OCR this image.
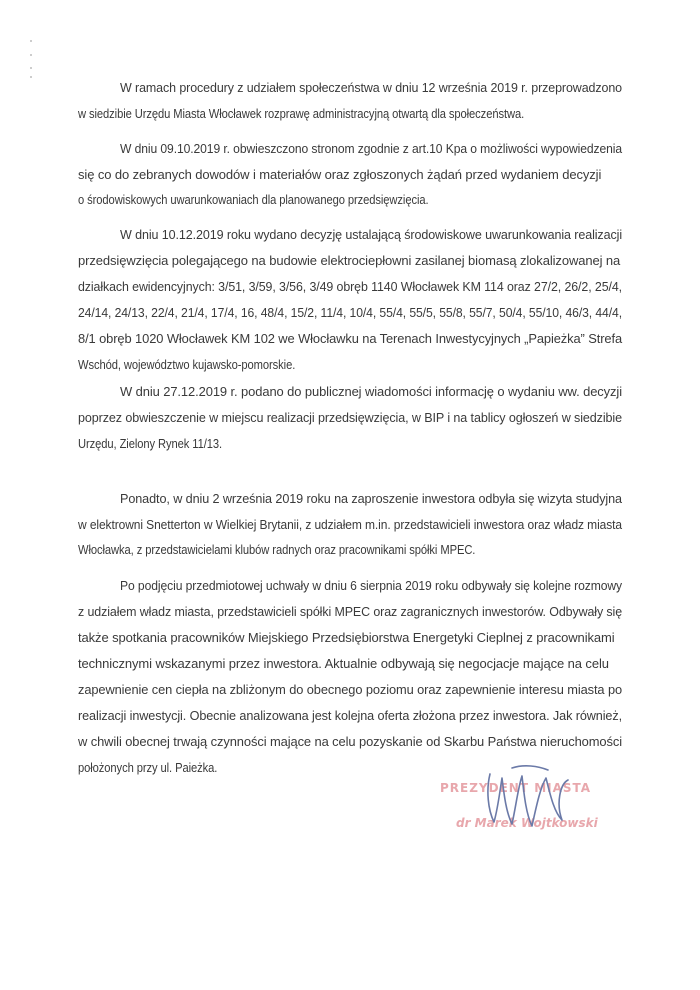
W ramach procedury z udziałem społeczeństwa w dniu 12 września 2019 r. przeprowadzono
w siedzibie Urzędu Miasta Włocławek rozprawę administracyjną otwartą dla społeczeństwa.
W dniu 09.10.2019 r. obwieszczono stronom zgodnie z art.10 Kpa o możliwości wypowiedzenia
się co do zebranych dowodów i materiałów oraz zgłoszonych żądań przed wydaniem decyzji
o środowiskowych uwarunkowaniach dla planowanego przedsięwzięcia.
W dniu 10.12.2019 roku wydano decyzję ustalającą środowiskowe uwarunkowania realizacji
przedsięwzięcia polegającego na budowie elektrociepłowni zasilanej biomasą zlokalizowanej na
działkach ewidencyjnych: 3/51, 3/59, 3/56, 3/49 obręb 1140 Włocławek KM 114 oraz 27/2, 26/2, 25/4,
24/14, 24/13, 22/4, 21/4, 17/4, 16, 48/4, 15/2, 11/4, 10/4, 55/4, 55/5, 55/8, 55/7, 50/4, 55/10, 46/3, 44/4,
8/1 obręb 1020 Włocławek KM 102 we Włocławku na Terenach Inwestycyjnych „Papieżka” Strefa
Wschód, województwo kujawsko-pomorskie.
W dniu 27.12.2019 r. podano do publicznej wiadomości informację o wydaniu ww. decyzji
poprzez obwieszczenie w miejscu realizacji przedsięwzięcia, w BIP i na tablicy ogłoszeń w siedzibie
Urzędu, Zielony Rynek 11/13.
Ponadto, w dniu 2 września 2019 roku na zaproszenie inwestora odbyła się wizyta studyjna
w elektrowni Snetterton w Wielkiej Brytanii, z udziałem m.in. przedstawicieli inwestora oraz władz miasta
Włocławka, z przedstawicielami klubów radnych oraz pracownikami spółki MPEC.
Po podjęciu przedmiotowej uchwały w dniu 6 sierpnia 2019 roku odbywały się kolejne rozmowy
z udziałem władz miasta, przedstawicieli spółki MPEC oraz zagranicznych inwestorów. Odbywały się
także spotkania pracowników Miejskiego Przedsiębiorstwa Energetyki Cieplnej z pracownikami
technicznymi wskazanymi przez inwestora. Aktualnie odbywają się negocjacje mające na celu
zapewnienie cen ciepła na zbliżonym do obecnego poziomu oraz zapewnienie interesu miasta po
realizacji inwestycji. Obecnie analizowana jest kolejna oferta złożona przez inwestora. Jak również,
w chwili obecnej trwają czynności mające na celu pozyskanie od Skarbu Państwa nieruchomości
położonych przy ul. Paieżka.
PREZYDENT MIASTA
dr Marek Wojtkowski
